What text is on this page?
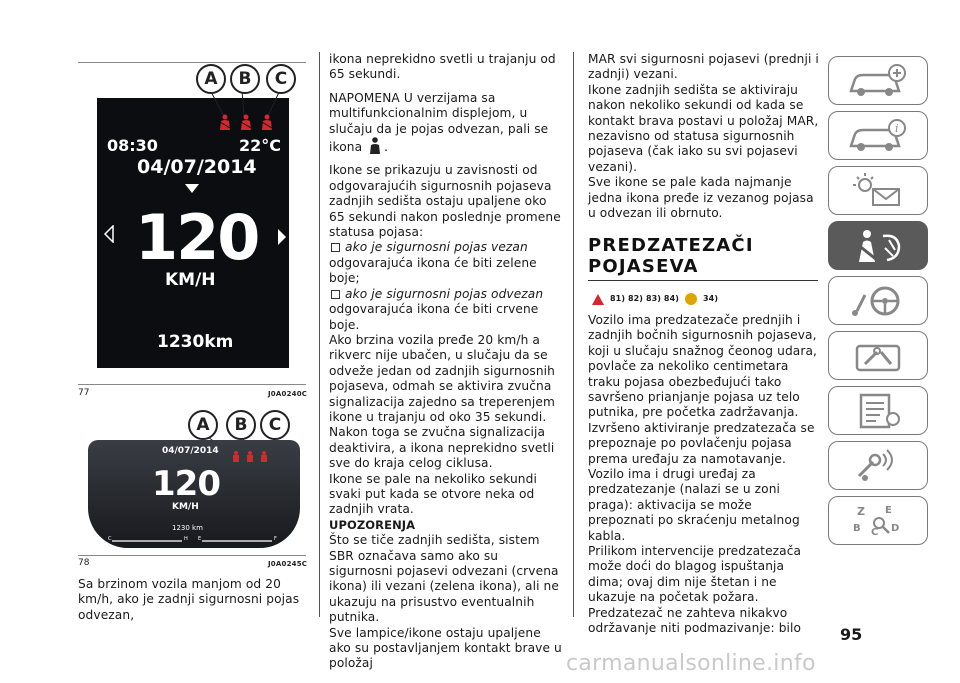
08:30	22°C
04/07/2014
120
KM/H
1230km
A	B	C
77	J0A0240C
04/07/2014
120
KM/H
1230 km
C	H E	F
A	B	C
78	J0A0245C

Sa brzinom vozila manjom od 20 km/h, ako je zadnji sigurnosni pojas odvezan,

ikona neprekidno svetli u trajanju od 65 sekundi.

NAPOMENA U verzijama sa multifunkcionalnim displejom, u slučaju da je pojas odvezan, pali se ikona .

Ikone se prikazuju u zavisnosti od odgovarajućih sigurnosnih pojaseva zadnjih sedišta ostaju upaljene oko 65 sekundi nakon poslednje promene statusa pojasa:

ako je sigurnosni pojas vezan

odgovarajuća ikona će biti zelene boje;

ako je sigurnosni pojas odvezan

odgovarajuća ikona će biti crvene boje.

Ako brzina vozila pređe 20 km/h a rikverc nije ubačen, u slučaju da se odveže jedan od zadnjih sigurnosnih pojaseva, odmah se aktivira zvučna signalizacija zajedno sa treperenjem ikone u trajanju od oko 35 sekundi. Nakon toga se zvučna signalizacija deaktivira, a ikona neprekidno svetli sve do kraja celog ciklusa.

Ikone se pale na nekoliko sekundi svaki put kada se otvore neka od zadnjih vrata.

UPOZORENJA

Što se tiče zadnjih sedišta, sistem SBR označava samo ako su sigurnosni pojasevi odvezani (crvena ikona) ili vezani (zelena ikona), ali ne ukazuju na prisustvo eventualnih putnika.

Sve lampice/ikone ostaju upaljene ako su postavljanjem kontakt brave u položaj

MAR svi sigurnosni pojasevi (prednji i zadnji) vezani.

Ikone zadnjih sedišta se aktiviraju nakon nekoliko sekundi od kada se kontakt brava postavi u položaj MAR, nezavisno od statusa sigurnosnih pojaseva (čak iako su svi pojasevi vezani).

Sve ikone se pale kada najmanje jedna ikona pređe iz vezanog pojasa u odvezan ili obrnuto.

PREDZATEZAČI
POJASEVA
81) 82) 83) 84)	34)

Vozilo ima predzatezače prednjih i zadnjih bočnih sigurnosnih pojaseva, koji u slučaju snažnog čeonog udara, povlače za nekoliko centimetara traku pojasa obezbeđujući tako savršeno prianjanje pojasa uz telo putnika, pre početka zadržavanja.

Izvršeno aktiviranje predzatezača se prepoznaje po povlačenju pojasa prema uređaju za namotavanje.

Vozilo ima i drugi uređaj za predzatezanje (nalazi se u zoni praga): aktivacija se može prepoznati po skraćenju metalnog kabla.

Prilikom intervencije predzatezača može doći do blagog ispuštanja dima; ovaj dim nije štetan i ne ukazuje na početak požara.

Predzatezač ne zahteva nikakvo održavanje niti podmazivanje: bilo

i
Z E
B C D
95
carmanualsonline.info
